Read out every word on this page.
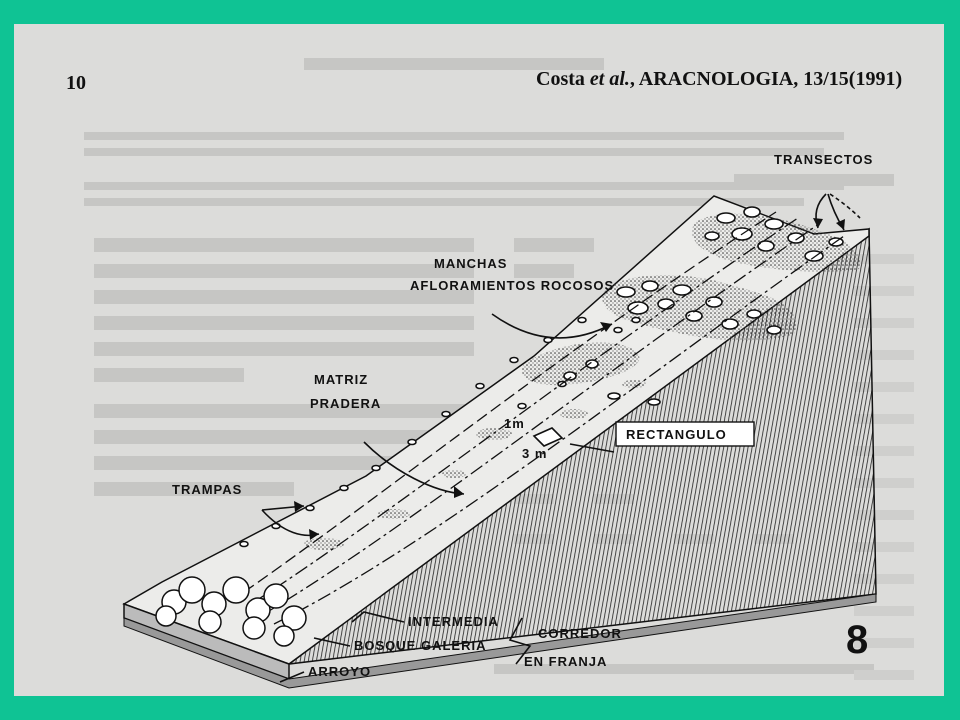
10	Costa et al., ARACNOLOGIA, 13/15(1991)
TRANSECTOS
MANCHAS
AFLORAMIENTOS ROCOSOS
MATRIZ
PRADERA
RECTANGULO
1m
3 m
TRAMPAS
INTERMEDIA
BOSQUE GALERIA
ARROYO
CORREDOR
EN FRANJA	8
